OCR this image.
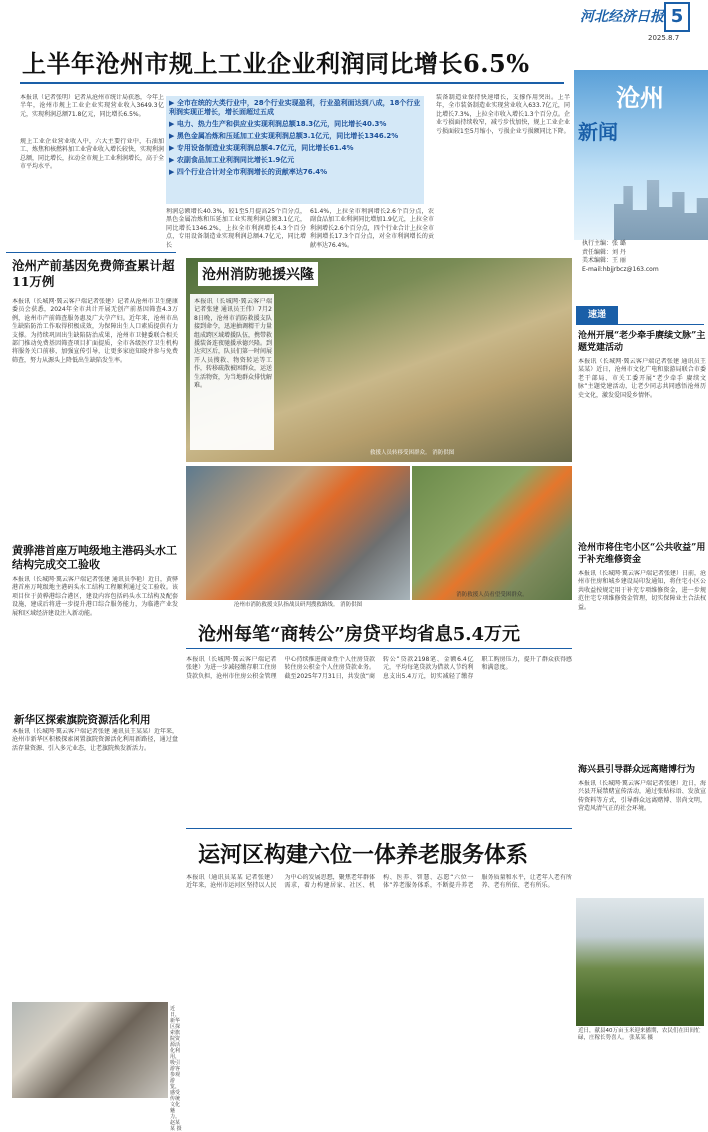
河北经济日报 5
2025.8.7
上半年沧州市规上工业企业利润同比增长6.5%
本报讯（记者张明）记者从沧州市统计局获悉，今年上半年，沧州市规上工业企业实现营业收入3649.3亿元，实现利润总额71.8亿元，同比增长6.5%。
规上工业企业营业收入中，六大主要行业中，石油加工、炼焦和核燃料加工业营业收入增长较快，实现利润总额，同比增长，拉动全市规上工业利润增长，高于全市平均水平。
▶ 全市在统的大类行业中，28个行业实现盈利，行业盈利面达到八成，18个行业利润实现正增长，增长面超过五成
▶ 电力、热力生产和供应业实现利润总额18.3亿元，同比增长40.3%
▶ 黑色金属冶炼和压延加工业实现利润总额3.1亿元，同比增长1346.2%
▶ 专用设备制造业实现利润总额4.7亿元，同比增长61.4%
▶ 农副食品加工业利润同比增长1.9亿元
▶ 四个行业合计对全市利润增长的贡献率达76.4%
利润总额增长40.3%，较1至5月提高25个百分点，黑色金属冶炼和压延加工业实现利润总额3.1亿元，同比增长1346.2%，上拉全市利润增长4.3个百分点，专用设备制造业实现利润总额4.7亿元，同比增长
61.4%，上拉全市利润增长2.6个百分点，农副食品加工业利润同比增加1.9亿元，上拉全市利润增长2.6个百分点，四个行业合计上拉全市利润增长17.3个百分点，对全市利润增长的贡献率达76.4%。
装备制造业保持快速增长，支撑作用突出。上半年，全市装备制造业实现营业收入633.7亿元，同比增长7.3%，上拉全市收入增长1.3个百分点。企业亏损面持续收窄，减亏步伐加快，规上工业企业亏损面较1至5月缩小，亏损企业亏损额同比下降。
沧州
新闻
执行主编：张 璐
责任编辑：刘 丹
美术编辑：王 丽
E-mail:hbjjrbcz@163.com
沧州产前基因免费筛查累计超11万例
本报讯（长城网·冀云客户端记者张建）记者从沧州市卫生健康委员会获悉，2024年全市共计开展无创产前基因筛查4.3万例，沧州市产前筛查服务惠及广大孕产妇。近年来，沧州市出生缺陷防治工作取得积极成效，为保障出生人口素质提供有力支撑。为持续巩固出生缺陷防治成果，沧州市卫健委联合相关部门推动免费基因筛查项目扩面提质，全市各级医疗卫生机构将服务关口前移，加强宣传引导，让更多家庭知晓并参与免费筛查，努力从源头上降低出生缺陷发生率。
沧州消防驰援兴隆
本报讯（长城网·冀云客户端记者张建 通讯员王伟）7月28日晚，沧州市消防救援支队接到命令，迅速抽调精干力量组成跨区域增援队伍，携带救援装备连夜驰援承德兴隆。到达灾区后，队员们第一时间展开人员搜救、物资转运等工作，转移疏散被困群众，运送生活物资，为当地群众排忧解难。
救援人员转移受困群众。 消防供图
沧州市消防救援支队指战员研判搜救路线。 消防供图
消防救援人员看望受困群众。
黄骅港首座万吨级地主港码头水工结构完成交工验收
本报讯（长城网·冀云客户端记者张建 通讯员李艳）近日，黄骅港首座万吨级地主港码头水工结构工程顺利通过交工验收。该项目位于黄骅港综合港区，建设内容包括码头水工结构及配套设施，建成后将进一步提升港口综合服务能力，为临港产业发展和区域经济建设注入新动能。
新华区探索旗院资源活化利用
本报讯（长城网·冀云客户端记者张建 通讯员王某某）近年来，沧州市新华区积极探索闲置旗院资源活化利用新路径，通过盘活存量资源、引入多元业态，让老旗院焕发新活力。
近日，新华区探索旗院资源活化利用，吸引游客参观游览，感受传统文化魅力。 赵某某 摄
沧州每笔“商转公”房贷平均省息5.4万元
本报讯（长城网·冀云客户端记者张建）为进一步减轻缴存职工住房贷款负担，沧州市住房公积金管理中心持续推进商业性个人住房贷款转住房公积金个人住房贷款业务。截至2025年7月31日，共发放“商转公”贷款2198笔、金额6.4亿元，平均每笔贷款为借款人节约利息支出5.4万元，切实减轻了缴存职工购房压力，提升了群众获得感和满意度。
运河区构建六位一体养老服务体系
本报讯（通讯员某某 记者张建）近年来，沧州市运河区坚持以人民为中心的发展思想，聚焦老年群体需求，着力构建居家、社区、机构、医养、智慧、志愿“六位一体”养老服务体系，不断提升养老服务质量和水平，让老年人老有所养、老有所依、老有所乐。
速递
沧州开展“老少牵手赓续文脉”主题党建活动
本报讯（长城网·冀云客户端记者张建 通讯员王某某）近日，沧州市文化广电和旅游局联合市委老干部局、市关工委开展“老少牵手 赓续文脉”主题党建活动，让老少同志共同感悟沧州历史文化，激发爱国爱乡情怀。
沧州市将住宅小区“公共收益”用于补充维修资金
本报讯（长城网·冀云客户端记者张建）日前，沧州市住房和城乡建设局印发通知，将住宅小区公共收益按规定用于补充专项维修资金，进一步规范住宅专项维修资金管理，切实保障业主合法权益。
海兴县引导群众远离赌博行为
本报讯（长城网·冀云客户端记者张建）近日，海兴县开展禁赌宣传活动，通过张贴标语、发放宣传资料等方式，引导群众远离赌博、崇尚文明，营造风清气正的社会环境。
近日，献县40万亩玉米迎来播期，农民们在田间忙碌，庄稼长势喜人。 张某某 摄
